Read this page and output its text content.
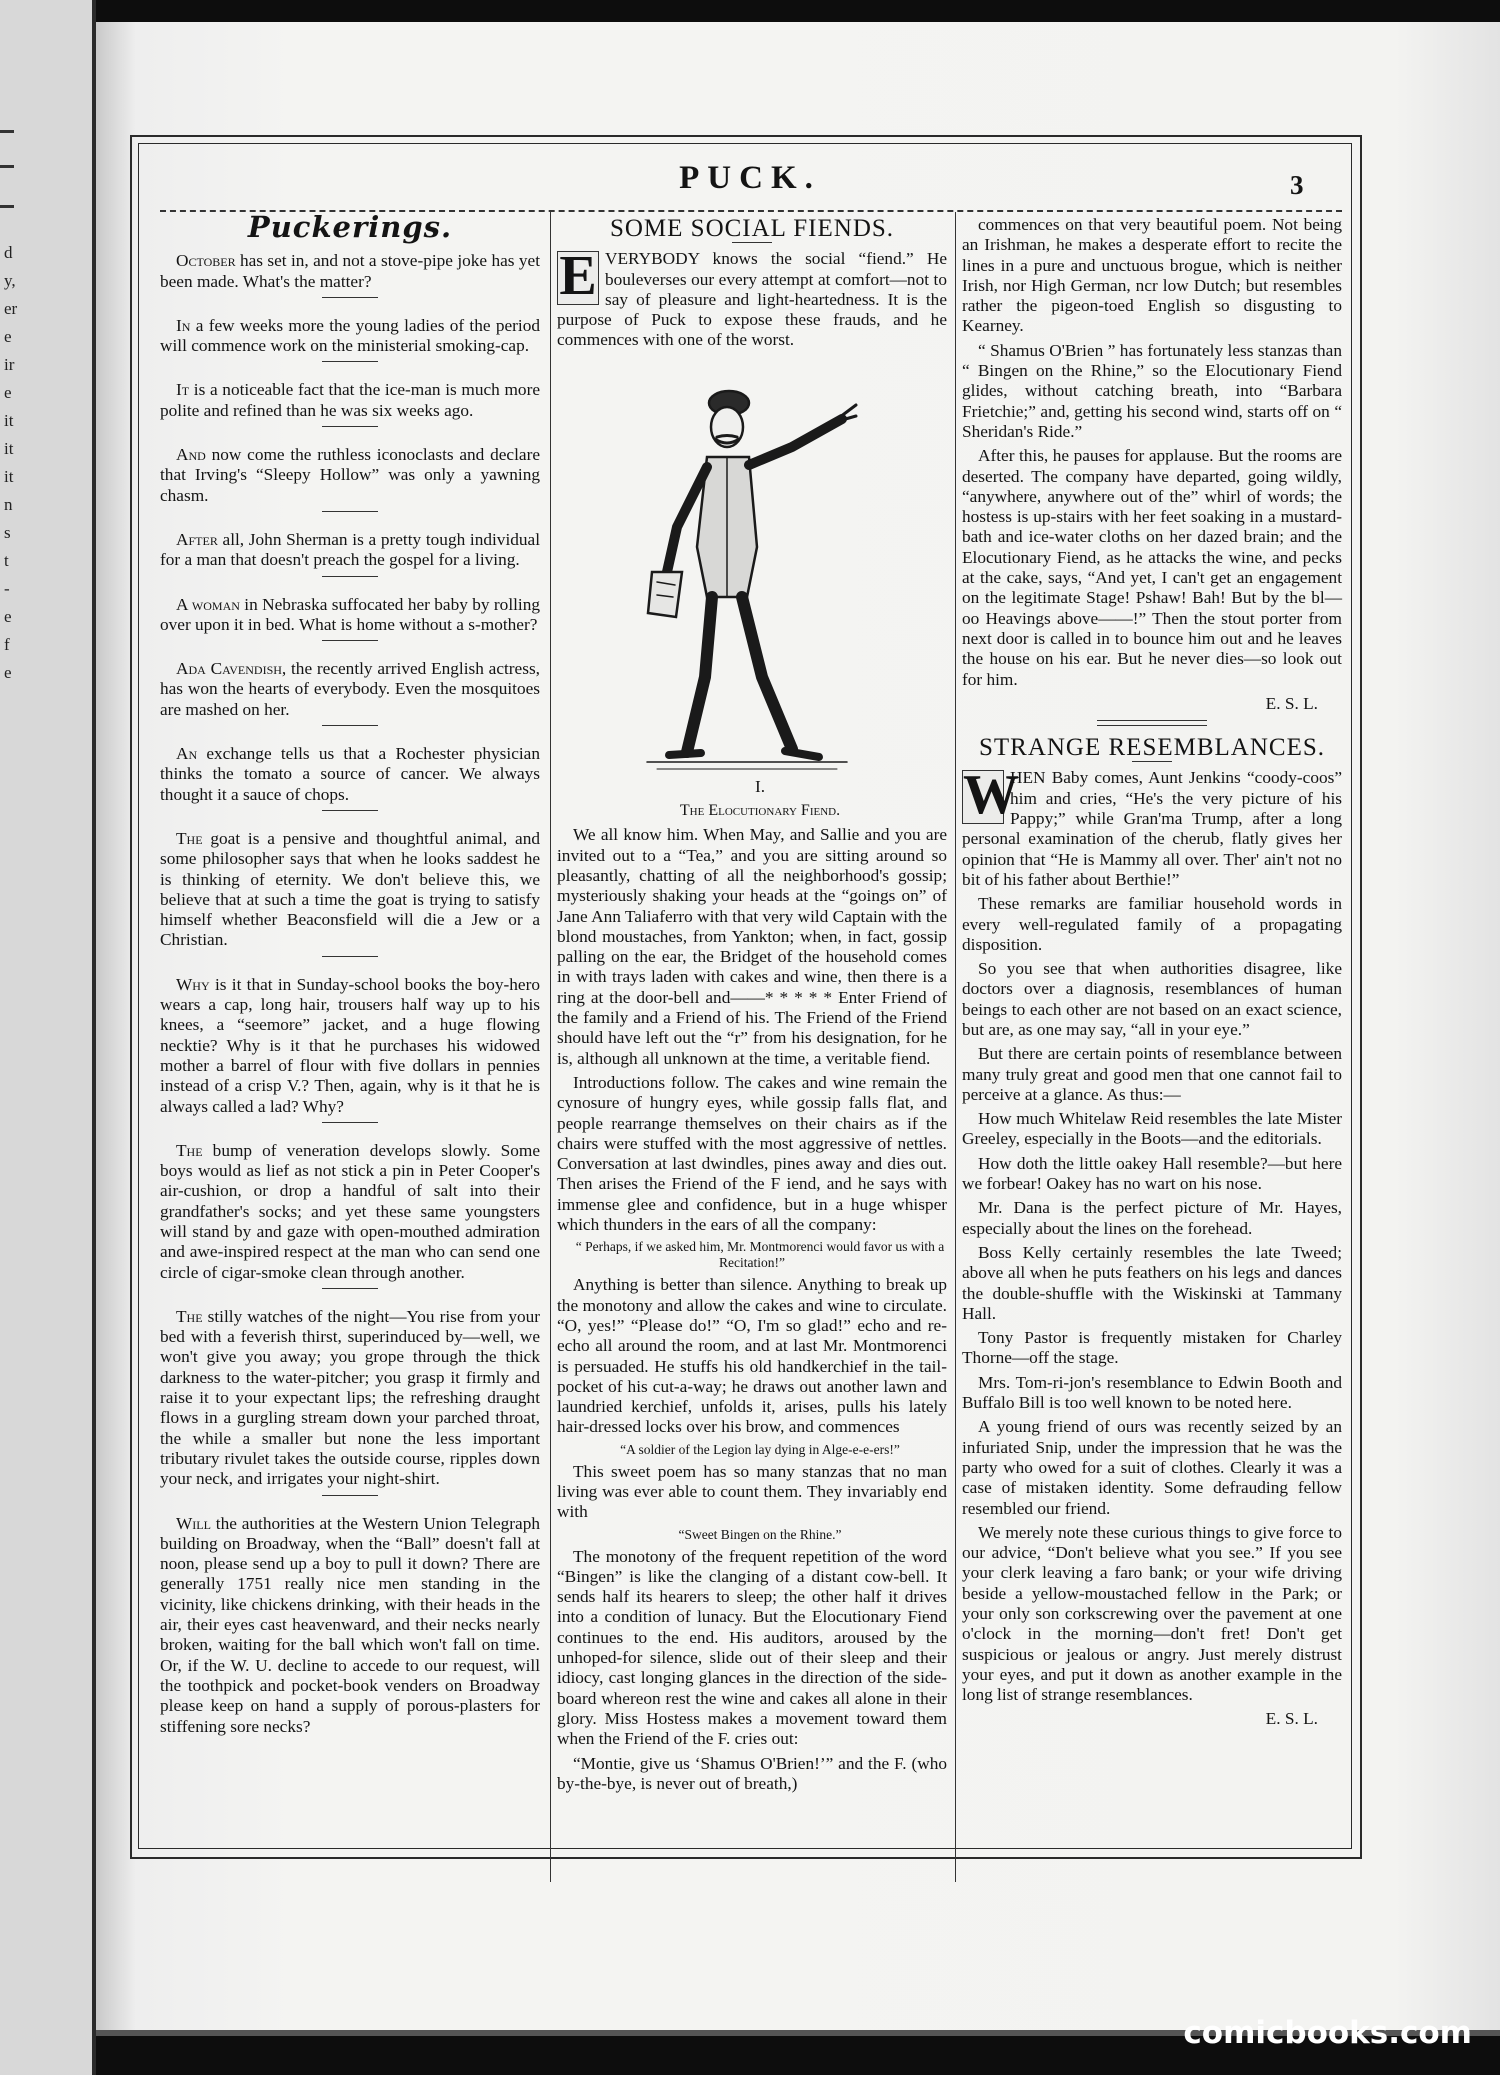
d
y,
er
e
ir
e
it
it
it
n
s
t
-
e
f
e
PUCK.	3
Puckerings.

October has set in, and not a stove-pipe joke has yet been made. What's the matter?

In a few weeks more the young ladies of the period will commence work on the ministerial smoking-cap.

It is a noticeable fact that the ice-man is much more polite and refined than he was six weeks ago.

And now come the ruthless iconoclasts and declare that Irving's “Sleepy Hollow” was only a yawning chasm.

After all, John Sherman is a pretty tough individual for a man that doesn't preach the gospel for a living.

A woman in Nebraska suffocated her baby by rolling over upon it in bed. What is home without a s-mother?

Ada Cavendish, the recently arrived English actress, has won the hearts of everybody. Even the mosquitoes are mashed on her.

An exchange tells us that a Rochester physician thinks the tomato a source of cancer. We always thought it a sauce of chops.

The goat is a pensive and thoughtful animal, and some philosopher says that when he looks saddest he is thinking of eternity. We don't believe this, we believe that at such a time the goat is trying to satisfy himself whether Beaconsfield will die a Jew or a Christian.

Why is it that in Sunday-school books the boy-hero wears a cap, long hair, trousers half way up to his knees, a “seemore” jacket, and a huge flowing necktie? Why is it that he purchases his widowed mother a barrel of flour with five dollars in pennies instead of a crisp V.? Then, again, why is it that he is always called a lad? Why?

The bump of veneration develops slowly. Some boys would as lief as not stick a pin in Peter Cooper's air-cushion, or drop a handful of salt into their grandfather's socks; and yet these same youngsters will stand by and gaze with open-mouthed admiration and awe-inspired respect at the man who can send one circle of cigar-smoke clean through another.

The stilly watches of the night—You rise from your bed with a feverish thirst, superinduced by—well, we won't give you away; you grope through the thick darkness to the water-pitcher; you grasp it firmly and raise it to your expectant lips; the refreshing draught flows in a gurgling stream down your parched throat, the while a smaller but none the less important tributary rivulet takes the outside course, ripples down your neck, and irrigates your night-shirt.

Will the authorities at the Western Union Telegraph building on Broadway, when the “Ball” doesn't fall at noon, please send up a boy to pull it down? There are generally 1751 really nice men standing in the vicinity, like chickens drinking, with their heads in the air, their eyes cast heavenward, and their necks nearly broken, waiting for the ball which won't fall on time. Or, if the W. U. decline to accede to our request, will the toothpick and pocket-book venders on Broadway please keep on hand a supply of porous-plasters for stiffening sore necks?

SOME SOCIAL FIENDS.

E VERYBODY knows the social “fiend.” He bouleverses our every attempt at comfort—not to say of pleasure and light-heartedness. It is the purpose of Puck to expose these frauds, and he commences with one of the worst.

I.

The Elocutionary Fiend.

We all know him. When May, and Sallie and you are invited out to a “Tea,” and you are sitting around so pleasantly, chatting of all the neighborhood's gossip; mysteriously shaking your heads at the “goings on” of Jane Ann Taliaferro with that very wild Captain with the blond moustaches, from Yankton; when, in fact, gossip palling on the ear, the Bridget of the household comes in with trays laden with cakes and wine, then there is a ring at the door-bell and——* * * * * Enter Friend of the family and a Friend of his. The Friend of the Friend should have left out the “r” from his designation, for he is, although all unknown at the time, a veritable fiend.

Introductions follow. The cakes and wine remain the cynosure of hungry eyes, while gossip falls flat, and people rearrange themselves on their chairs as if the chairs were stuffed with the most aggressive of nettles. Conversation at last dwindles, pines away and dies out. Then arises the Friend of the F iend, and he says with immense glee and confidence, but in a huge whisper which thunders in the ears of all the company:

“ Perhaps, if we asked him, Mr. Montmorenci would favor us with a Recitation!”

Anything is better than silence. Anything to break up the monotony and allow the cakes and wine to circulate. “O, yes!” “Please do!” “O, I'm so glad!” echo and re-echo all around the room, and at last Mr. Montmorenci is persuaded. He stuffs his old handkerchief in the tail-pocket of his cut-a-way; he draws out another lawn and laundried kerchief, unfolds it, arises, pulls his lately hair-dressed locks over his brow, and commences

“A soldier of the Legion lay dying in Alge-e-e-ers!”

This sweet poem has so many stanzas that no man living was ever able to count them. They invariably end with

“Sweet Bingen on the Rhine.”

The monotony of the frequent repetition of the word “Bingen” is like the clanging of a distant cow-bell. It sends half its hearers to sleep; the other half it drives into a condition of lunacy. But the Elocutionary Fiend continues to the end. His auditors, aroused by the unhoped-for silence, slide out of their sleep and their idiocy, cast longing glances in the direction of the side-board whereon rest the wine and cakes all alone in their glory. Miss Hostess makes a movement toward them when the Friend of the F. cries out:

“Montie, give us ‘Shamus O'Brien!’” and the F. (who by-the-bye, is never out of breath,)

commences on that very beautiful poem. Not being an Irishman, he makes a desperate effort to recite the lines in a pure and unctuous brogue, which is neither Irish, nor High German, ncr low Dutch; but resembles rather the pigeon-toed English so disgusting to Kearney.

“ Shamus O'Brien ” has fortunately less stanzas than “ Bingen on the Rhine,” so the Elocutionary Fiend glides, without catching breath, into “Barbara Frietchie;” and, getting his second wind, starts off on “ Sheridan's Ride.”

After this, he pauses for applause. But the rooms are deserted. The company have departed, going wildly, “anywhere, anywhere out of the” whirl of words; the hostess is up-stairs with her feet soaking in a mustard-bath and ice-water cloths on her dazed brain; and the Elocutionary Fiend, as he attacks the wine, and pecks at the cake, says, “And yet, I can't get an engagement on the legitimate Stage! Pshaw! Bah! But by the bl—oo Heavings above——!” Then the stout porter from next door is called in to bounce him out and he leaves the house on his ear. But he never dies—so look out for him.

E. S. L.

STRANGE RESEMBLANCES.

W
HEN Baby comes, Aunt Jenkins “coody-coos” him and cries, “He's the very picture of his Pappy;” while Gran'ma Trump, after a long personal examination of the cherub, flatly gives her opinion that “He is Mammy all over. Ther' ain't not no bit of his father about Berthie!”

These remarks are familiar household words in every well-regulated family of a propagating disposition.

So you see that when authorities disagree, like doctors over a diagnosis, resemblances of human beings to each other are not based on an exact science, but are, as one may say, “all in your eye.”

But there are certain points of resemblance between many truly great and good men that one cannot fail to perceive at a glance. As thus:—

How much Whitelaw Reid resembles the late Mister Greeley, especially in the Boots—and the editorials.

How doth the little oakey Hall resemble?—but here we forbear! Oakey has no wart on his nose.

Mr. Dana is the perfect picture of Mr. Hayes, especially about the lines on the forehead.

Boss Kelly certainly resembles the late Tweed; above all when he puts feathers on his legs and dances the double-shuffle with the Wiskinski at Tammany Hall.

Tony Pastor is frequently mistaken for Charley Thorne—off the stage.

Mrs. Tom-ri-jon's resemblance to Edwin Booth and Buffalo Bill is too well known to be noted here.

A young friend of ours was recently seized by an infuriated Snip, under the impression that he was the party who owed for a suit of clothes. Clearly it was a case of mistaken identity. Some defrauding fellow resembled our friend.

We merely note these curious things to give force to our advice, “Don't believe what you see.” If you see your clerk leaving a faro bank; or your wife driving beside a yellow-moustached fellow in the Park; or your only son corkscrewing over the pavement at one o'clock in the morning—don't fret! Don't get suspicious or jealous or angry. Just merely distrust your eyes, and put it down as another example in the long list of strange resemblances.

E. S. L.

comicbooks.com
